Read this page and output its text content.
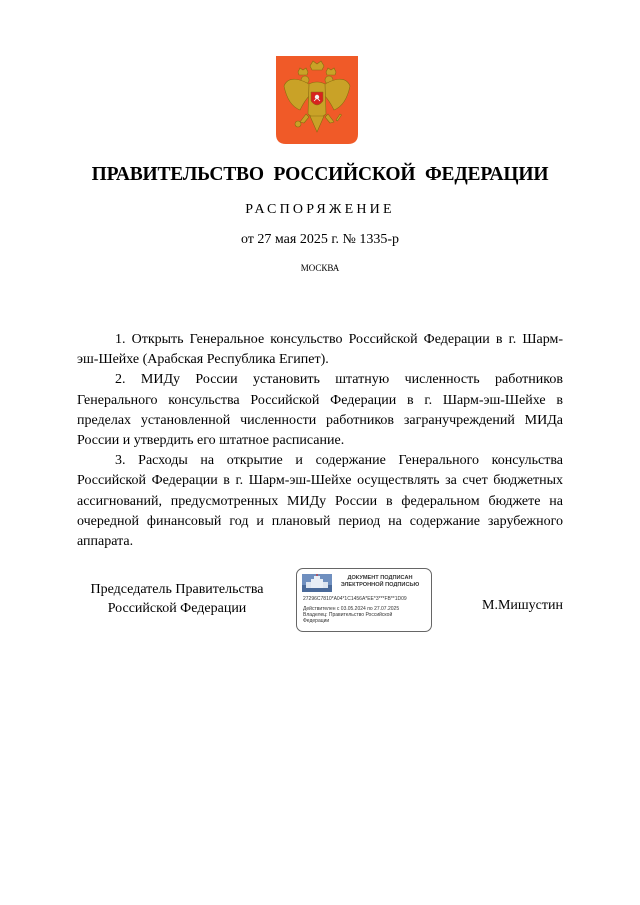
ПРАВИТЕЛЬСТВО РОССИЙСКОЙ ФЕДЕРАЦИИ
РАСПОРЯЖЕНИЕ
от 27 мая 2025 г. № 1335-р
МОСКВА

1. Открыть Генеральное консульство Российской Федерации в г. Шарм-эш-Шейхе (Арабская Республика Египет).

2. МИДу России установить штатную численность работников Генерального консульства Российской Федерации в г. Шарм-эш-Шейхе в пределах установленной численности работников загранучреждений МИДа России и утвердить его штатное расписание.

3. Расходы на открытие и содержание Генерального консульства Российской Федерации в г. Шарм-эш-Шейхе осуществлять за счет бюджетных ассигнований, предусмотренных МИДу России в федеральном бюджете на очередной финансовый год и плановый период на содержание зарубежного аппарата.

Председатель Правительства
Российской Федерации
ДОКУМЕНТ ПОДПИСАН
ЭЛЕКТРОННОЙ ПОДПИСЬЮ
27296C7810*A04*1C1456A*EE*3***FB**1D09
Действителен с 03.05.2024 по 27.07.2025
Владелец: Правительство Российской
Федерации
М.Мишустин
